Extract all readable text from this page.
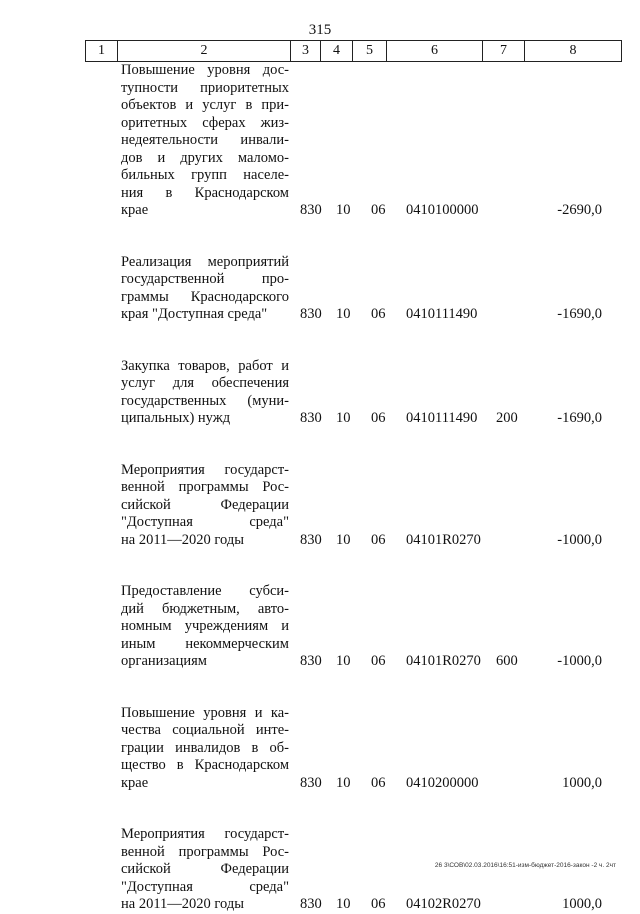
315
1	2	3	4	5	6	7	8
Повышение уровня дос-
тупности приоритетных
объектов и услуг в при-
оритетных сферах жиз-
недеятельности инвали-
дов и других маломо-
бильных групп населе-
ния в Краснодарском
крае	830 10 06 0410100000	-2690,0
Реализация мероприятий
государственной про-
граммы Краснодарского
края "Доступная среда"	830 10 06 0410111490	-1690,0
Закупка товаров, работ и
услуг для обеспечения
государственных (муни-
ципальных) нужд	830 10 06 0410111490 200	-1690,0
Мероприятия государст-
венной программы Рос-
сийской Федерации
"Доступная среда"
на 2011—2020 годы	830 10 06 04101R0270	-1000,0
Предоставление субси-
дий бюджетным, авто-
номным учреждениям и
иным некоммерческим
организациям	830 10 06 04101R0270 600	-1000,0
Повышение уровня и ка-
чества социальной инте-
грации инвалидов в об-
щество в Краснодарском
крае	830 10 06 0410200000	1000,0
Мероприятия государст-
венной программы Рос-
сийской Федерации
"Доступная среда"
на 2011—2020 годы	830 10 06 04102R0270	1000,0
26 3\СОВ\02.03.2016\16:51-изм-бюджет-2016-закон -2 ч. 2чт
